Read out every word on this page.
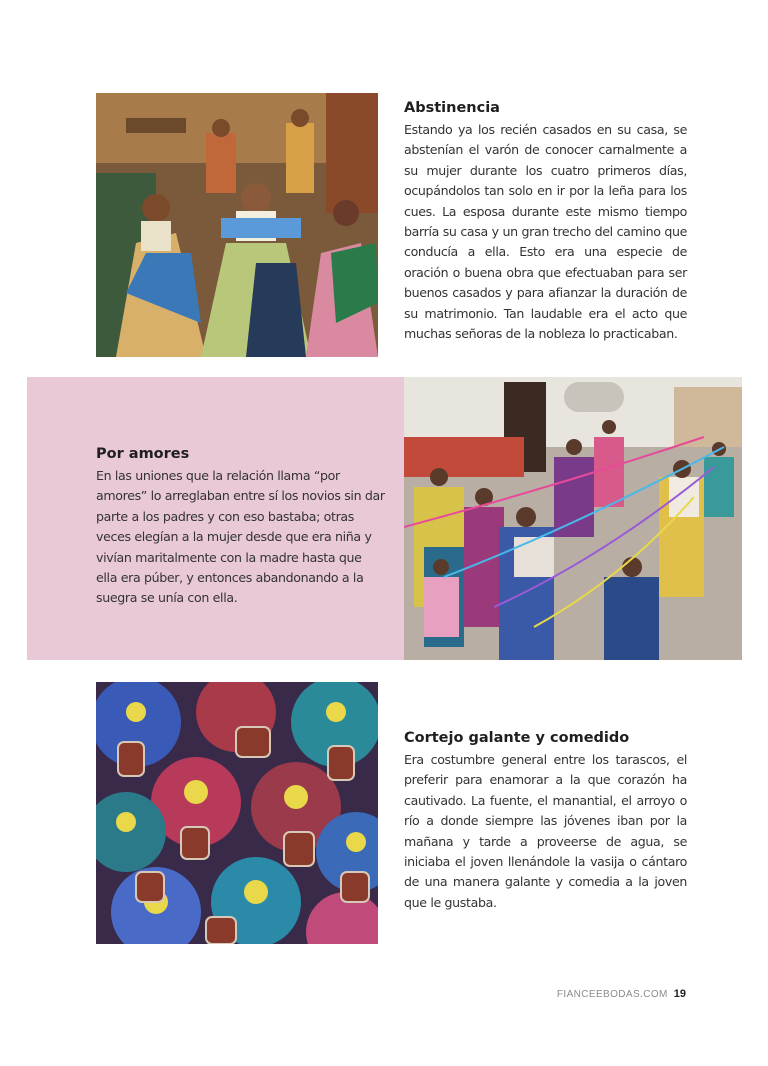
Abstinencia

Estando ya los recién casados en su casa, se abstenían el varón de conocer carnalmente a su mujer durante los cuatro primeros días, ocupándolos tan solo en ir por la leña para los cues. La esposa durante este mismo tiempo barría su casa y un gran trecho del camino que conducía a ella. Esto era una especie de oración o buena obra que efectuaban para ser buenos casados y para afianzar la duración de su matrimonio. Tan laudable era el acto que muchas señoras de la nobleza lo practicaban.

Por amores

En las uniones que la relación llama “por amores” lo arreglaban entre sí los novios sin dar parte a los padres y con eso bastaba; otras veces elegían a la mujer desde que era niña y vivían maritalmente con la madre hasta que ella era púber, y entonces abandonando a la suegra se unía con ella.

Cortejo galante y comedido

Era costumbre general entre los tarascos, el preferir para enamorar a la que corazón ha cautivado. La fuente, el manantial, el arroyo o río a donde siempre las jóvenes iban por la mañana y tarde a proveerse de agua, se iniciaba el joven llenándole la vasija o cántaro de una manera galante y comedia a la joven que le gustaba.

FIANCEEBODAS.COM 19
